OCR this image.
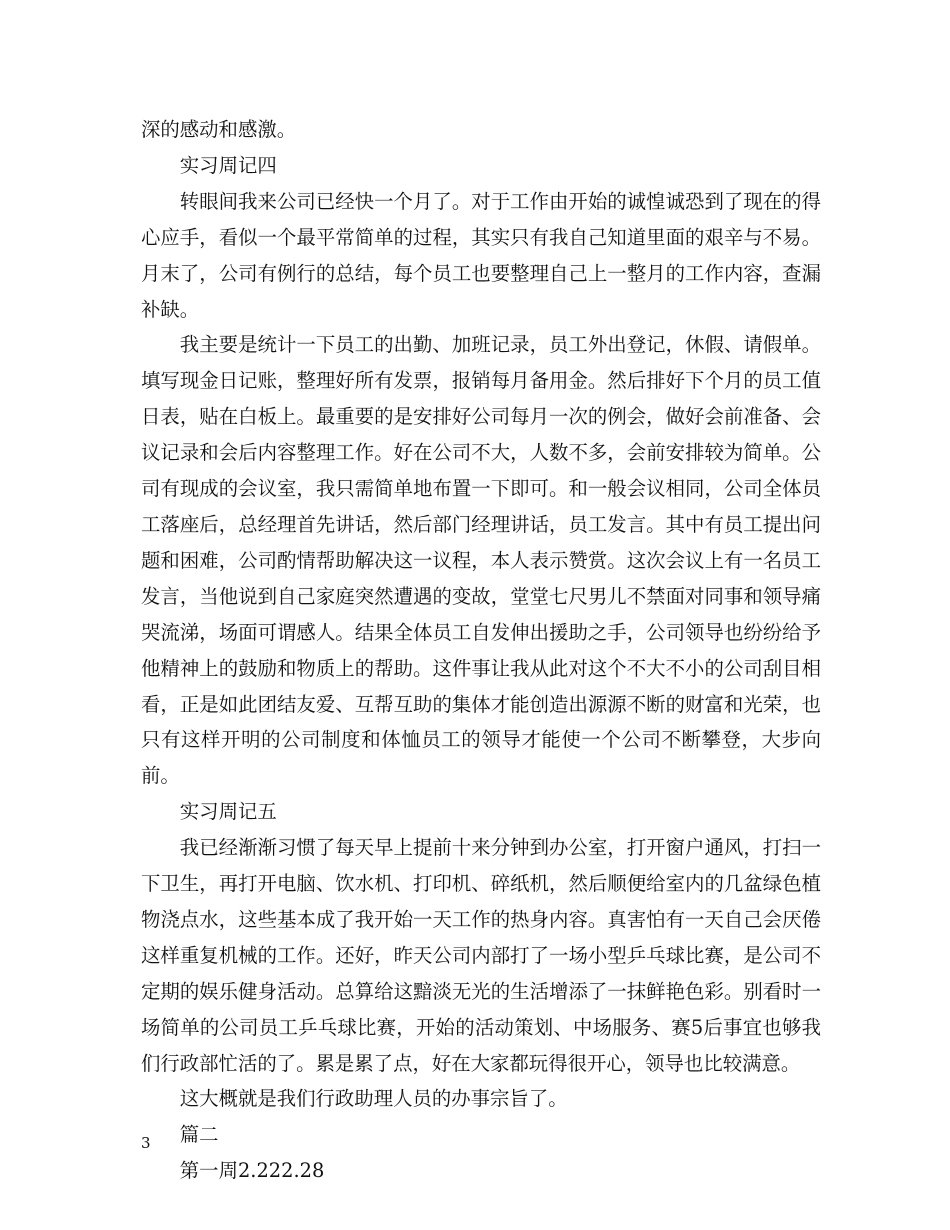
深的感动和感激。

实习周记四

转眼间我来公司已经快一个月了。对于工作由开始的诚惶诚恐到了现在的得心应手，看似一个最平常简单的过程，其实只有我自己知道里面的艰辛与不易。月末了，公司有例行的总结，每个员工也要整理自己上一整月的工作内容，查漏补缺。

我主要是统计一下员工的出勤、加班记录，员工外出登记，休假、请假单。填写现金日记账，整理好所有发票，报销每月备用金。然后排好下个月的员工值日表，贴在白板上。最重要的是安排好公司每月一次的例会，做好会前准备、会议记录和会后内容整理工作。好在公司不大，人数不多，会前安排较为简单。公司有现成的会议室，我只需简单地布置一下即可。和一般会议相同，公司全体员工落座后，总经理首先讲话，然后部门经理讲话，员工发言。其中有员工提出问题和困难，公司酌情帮助解决这一议程，本人表示赞赏。这次会议上有一名员工发言，当他说到自己家庭突然遭遇的变故，堂堂七尺男儿不禁面对同事和领导痛哭流涕，场面可谓感人。结果全体员工自发伸出援助之手，公司领导也纷纷给予他精神上的鼓励和物质上的帮助。这件事让我从此对这个不大不小的公司刮目相看，正是如此团结友爱、互帮互助的集体才能创造出源源不断的财富和光荣，也只有这样开明的公司制度和体恤员工的领导才能使一个公司不断攀登，大步向前。

实习周记五

我已经渐渐习惯了每天早上提前十来分钟到办公室，打开窗户通风，打扫一下卫生，再打开电脑、饮水机、打印机、碎纸机，然后顺便给室内的几盆绿色植物浇点水，这些基本成了我开始一天工作的热身内容。真害怕有一天自己会厌倦这样重复机械的工作。还好，昨天公司内部打了一场小型乒乓球比赛，是公司不定期的娱乐健身活动。总算给这黯淡无光的生活增添了一抹鲜艳色彩。别看时一场简单的公司员工乒乓球比赛，开始的活动策划、中场服务、赛5后事宜也够我们行政部忙活的了。累是累了点，好在大家都玩得很开心，领导也比较满意。

这大概就是我们行政助理人员的办事宗旨了。

篇二

第一周2.222.28

3
